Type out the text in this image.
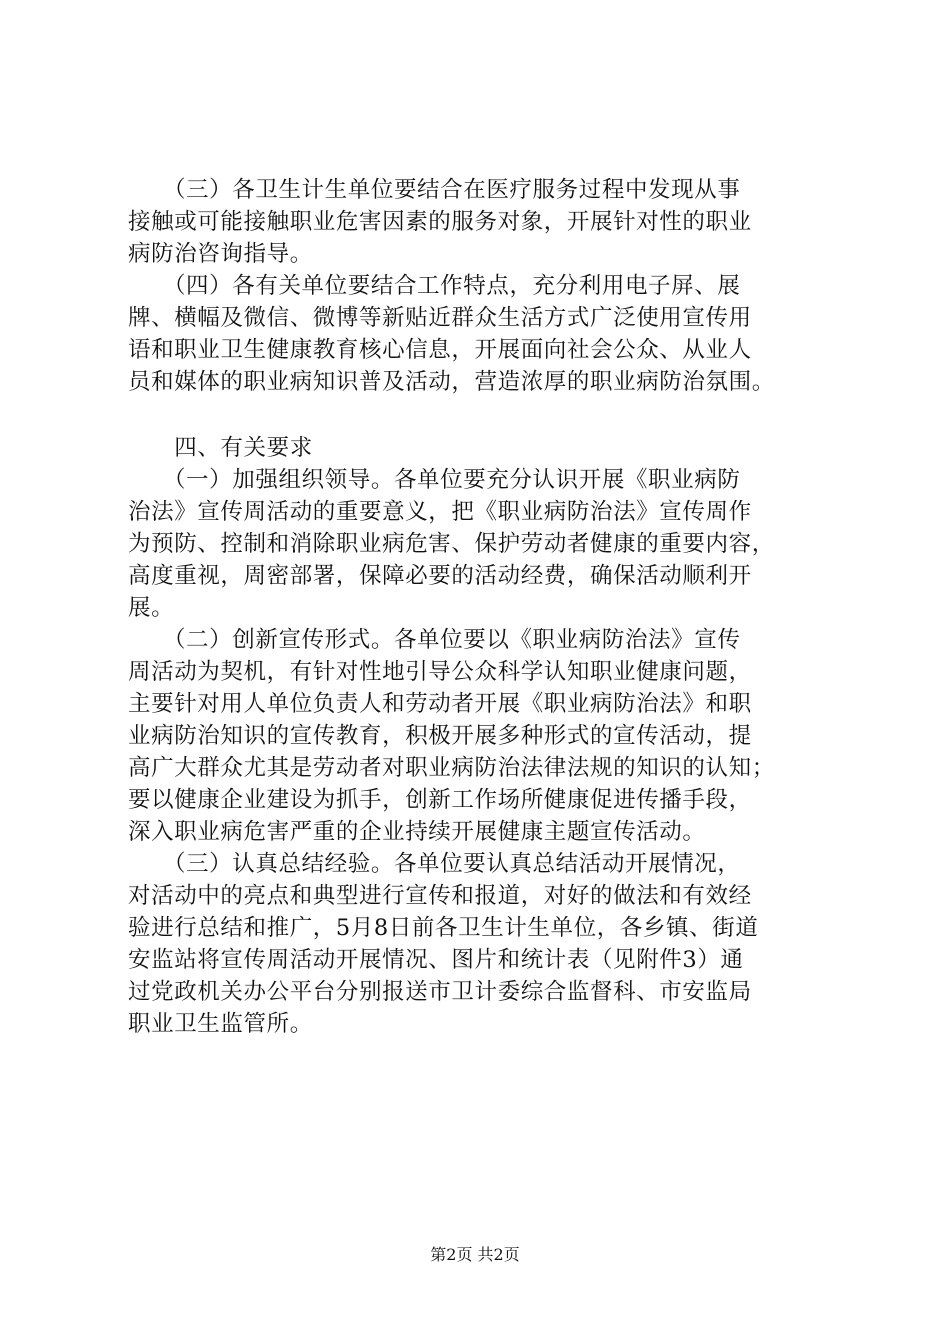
　　（三）各卫生计生单位要结合在医疗服务过程中发现从事
接触或可能接触职业危害因素的服务对象，开展针对性的职业
病防治咨询指导。
　　（四）各有关单位要结合工作特点，充分利用电子屏、展
牌、横幅及微信、微博等新贴近群众生活方式广泛使用宣传用
语和职业卫生健康教育核心信息，开展面向社会公众、从业人
员和媒体的职业病知识普及活动，营造浓厚的职业病防治氛围。
　　四、有关要求
　　（一）加强组织领导。各单位要充分认识开展《职业病防
治法》宣传周活动的重要意义，把《职业病防治法》宣传周作
为预防、控制和消除职业病危害、保护劳动者健康的重要内容，
高度重视，周密部署，保障必要的活动经费，确保活动顺利开
展。
　　（二）创新宣传形式。各单位要以《职业病防治法》宣传
周活动为契机，有针对性地引导公众科学认知职业健康问题，
主要针对用人单位负责人和劳动者开展《职业病防治法》和职
业病防治知识的宣传教育，积极开展多种形式的宣传活动，提
高广大群众尤其是劳动者对职业病防治法律法规的知识的认知；
要以健康企业建设为抓手，创新工作场所健康促进传播手段，
深入职业病危害严重的企业持续开展健康主题宣传活动。
　　（三）认真总结经验。各单位要认真总结活动开展情况，
对活动中的亮点和典型进行宣传和报道，对好的做法和有效经
验进行总结和推广，5月8日前各卫生计生单位，各乡镇、街道
安监站将宣传周活动开展情况、图片和统计表（见附件3）通
过党政机关办公平台分别报送市卫计委综合监督科、市安监局
职业卫生监管所。
第2页 共2页
